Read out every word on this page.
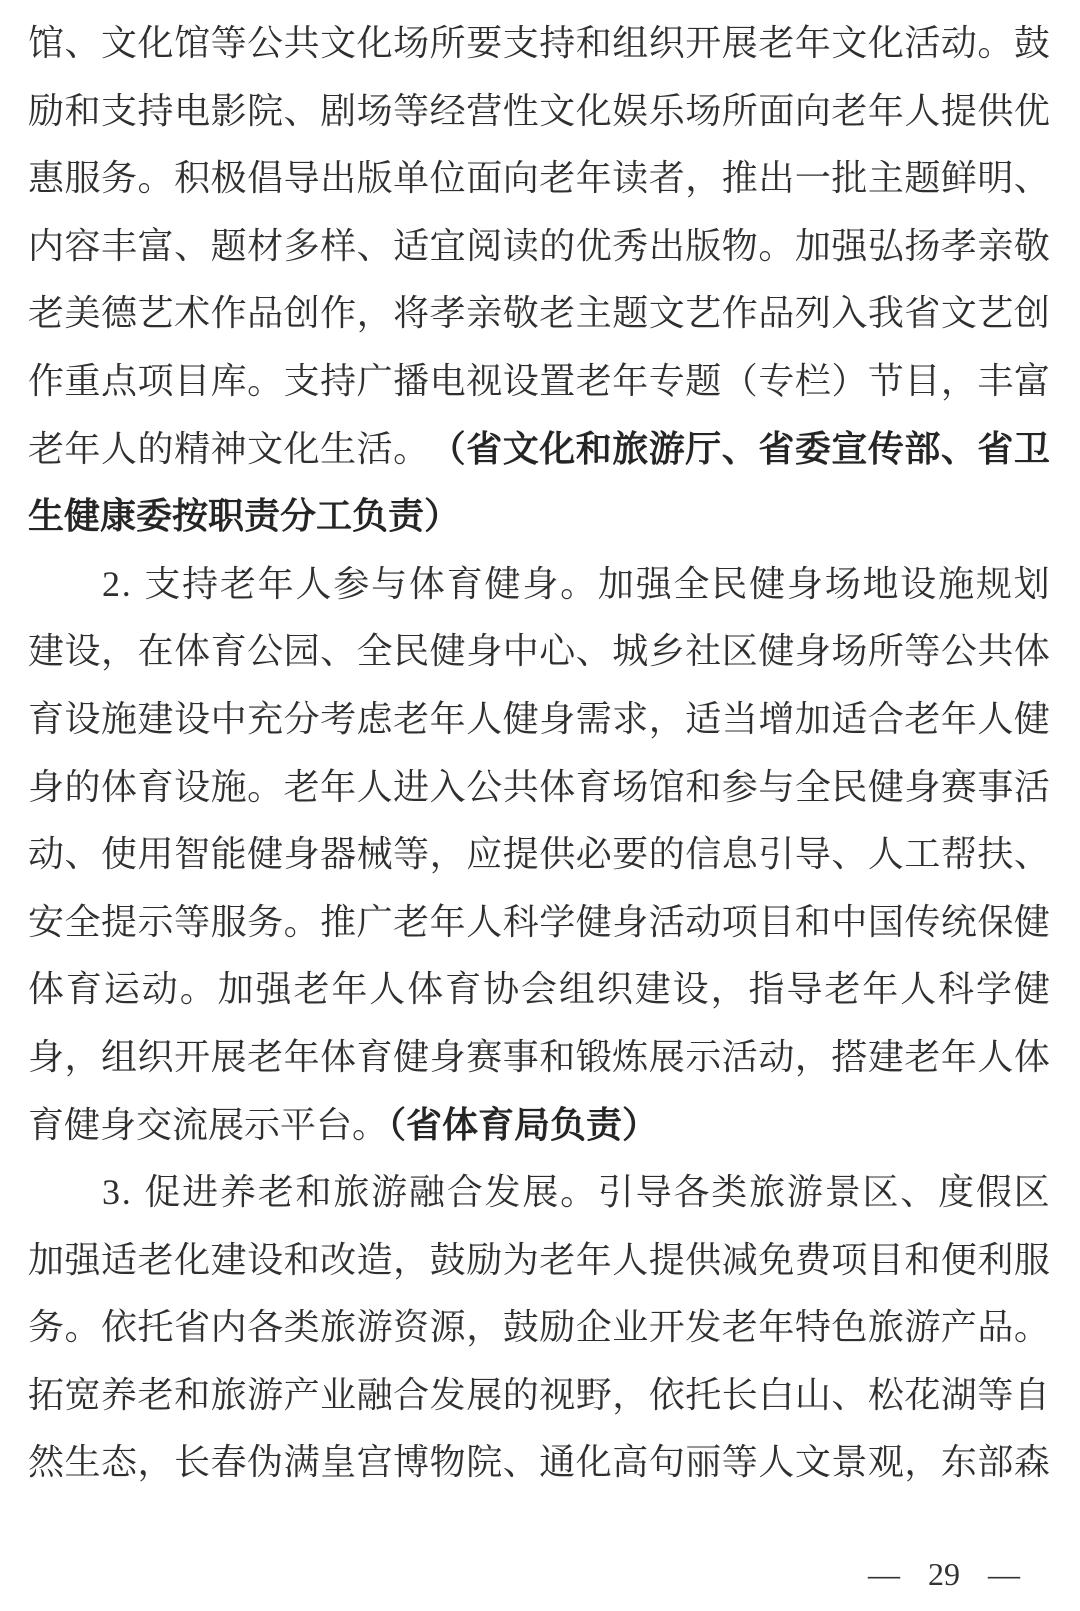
馆 、 文 化 馆 等 公 共 文 化 场 所 要 支 持 和 组 织 开 展 老 年 文 化 活 动 。 鼓
励 和 支 持 电 影 院 、 剧 场 等 经 营 性 文 化 娱 乐 场 所 面 向 老 年 人 提 供 优
惠 服 务 。 积 极 倡 导 出 版 单 位 面 向 老 年 读 者 ， 推 出 一 批 主 题 鲜 明 、
内 容 丰 富 、 题 材 多 样 、 适 宜 阅 读 的 优 秀 出 版 物 。 加 强 弘 扬 孝 亲 敬
老 美 德 艺 术 作 品 创 作 ， 将 孝 亲 敬 老 主 题 文 艺 作 品 列 入 我 省 文 艺 创
作 重 点 项 目 库 。 支 持 广 播 电 视 设 置 老 年 专 题 （ 专 栏 ） 节 目 ， 丰 富
老 年 人 的 精 神 文 化 生 活 。 （ 省 文 化 和 旅 游 厅 、 省 委 宣 传 部 、 省 卫
生健康委按职责分工负责）
2 .
支 持 老 年 人 参 与 体 育 健 身 。 加 强 全 民 健 身 场 地 设 施 规 划
建 设 ， 在 体 育 公 园 、 全 民 健 身 中 心 、 城 乡 社 区 健 身 场 所 等 公 共 体
育 设 施 建 设 中 充 分 考 虑 老 年 人 健 身 需 求 ， 适 当 增 加 适 合 老 年 人 健
身 的 体 育 设 施 。 老 年 人 进 入 公 共 体 育 场 馆 和 参 与 全 民 健 身 赛 事 活
动 、 使 用 智 能 健 身 器 械 等 ， 应 提 供 必 要 的 信 息 引 导 、 人 工 帮 扶 、
安 全 提 示 等 服 务 。 推 广 老 年 人 科 学 健 身 活 动 项 目 和 中 国 传 统 保 健
体 育 运 动 。 加 强 老 年 人 体 育 协 会 组 织 建 设 ， 指 导 老 年 人 科 学 健
身 ， 组 织 开 展 老 年 体 育 健 身 赛 事 和 锻 炼 展 示 活 动 ， 搭 建 老 年 人 体
育健身交流展示平台。（省体育局负责）
3 .
促 进 养 老 和 旅 游 融 合 发 展 。 引 导 各 类 旅 游 景 区 、 度 假 区
加 强 适 老 化 建 设 和 改 造 ， 鼓 励 为 老 年 人 提 供 减 免 费 项 目 和 便 利 服
务 。 依 托 省 内 各 类 旅 游 资 源 ， 鼓 励 企 业 开 发 老 年 特 色 旅 游 产 品 。
拓 宽 养 老 和 旅 游 产 业 融 合 发 展 的 视 野 ， 依 托 长 白 山 、 松 花 湖 等 自
然 生 态 ， 长 春 伪 满 皇 宫 博 物 院 、 通 化 高 句 丽 等 人 文 景 观 ， 东 部 森
— 29 —
